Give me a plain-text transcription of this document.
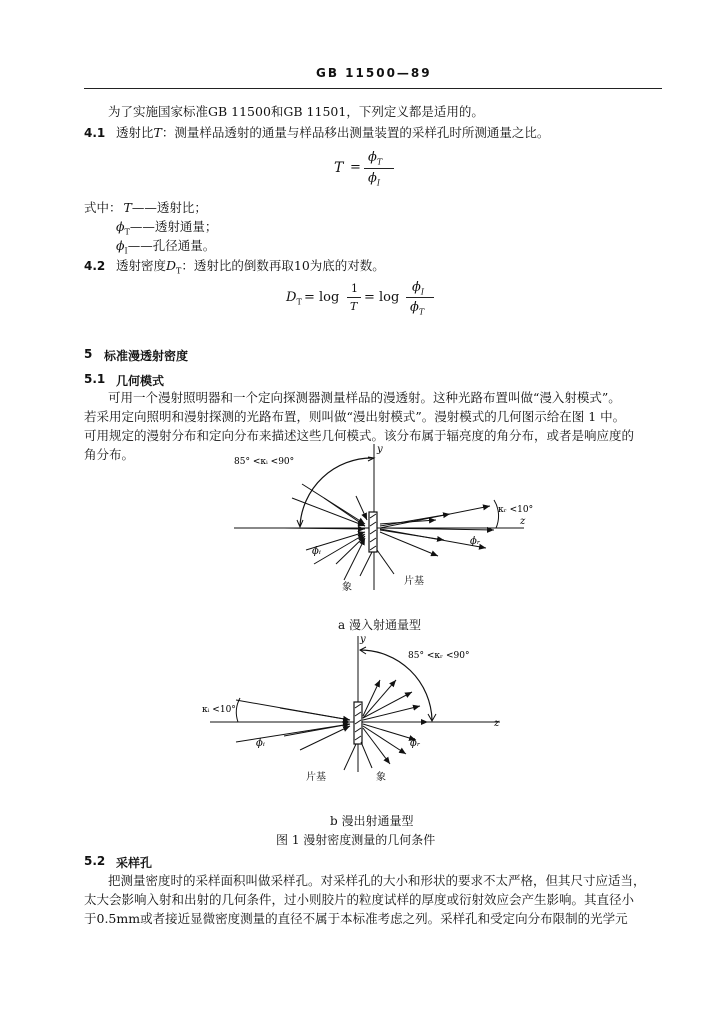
GB 11500—89
为了实施国家标准GB 11500和GB 11501，下列定义都是适用的。
4.1 透射比T：测量样品透射的通量与样品移出测量装置的采样孔时所测通量之比。
T =
$\phi_T$
$\phi_I$
式中： T——透射比；
$\phi_T——$透射通量；
$\phi_I——$孔径通量。
4.2 透射密度$D_T$：透射比的倒数再取10为底的对数。
$D_T = \log$
1
T
= log
$\phi_I$
$\phi_T$
5 标准漫透射密度
5.1 几何模式
可用一个漫射照明器和一个定向探测器测量样品的漫透射。这种光路布置叫做“漫入射模式”。
若采用定向照明和漫射探测的光路布置，则叫做“漫出射模式”。漫射模式的几何图示给在图 1 中。
可用规定的漫射分布和定向分布来描述这些几何模式。该分布属于辐亮度的角分布，或者是响应度的
角分布。	y
z
85° <κᵢ <90°
ϕᵢ
κᵣ <10°
ϕᵣ
象
片基
a 漫入射通量型
y
z
85° <κᵣ <90°
κᵢ <10°
ϕᵢ	ϕᵣ
片基	象
b 漫出射通量型
图 1 漫射密度测量的几何条件
5.2 采样孔
把测量密度时的采样面积叫做采样孔。对采样孔的大小和形状的要求不太严格，但其尺寸应适当，
太大会影响入射和出射的几何条件，过小则胶片的粒度试样的厚度或衍射效应会产生影响。其直径小
于0.5mm或者接近显微密度测量的直径不属于本标准考虑之列。采样孔和受定向分布限制的光学元
